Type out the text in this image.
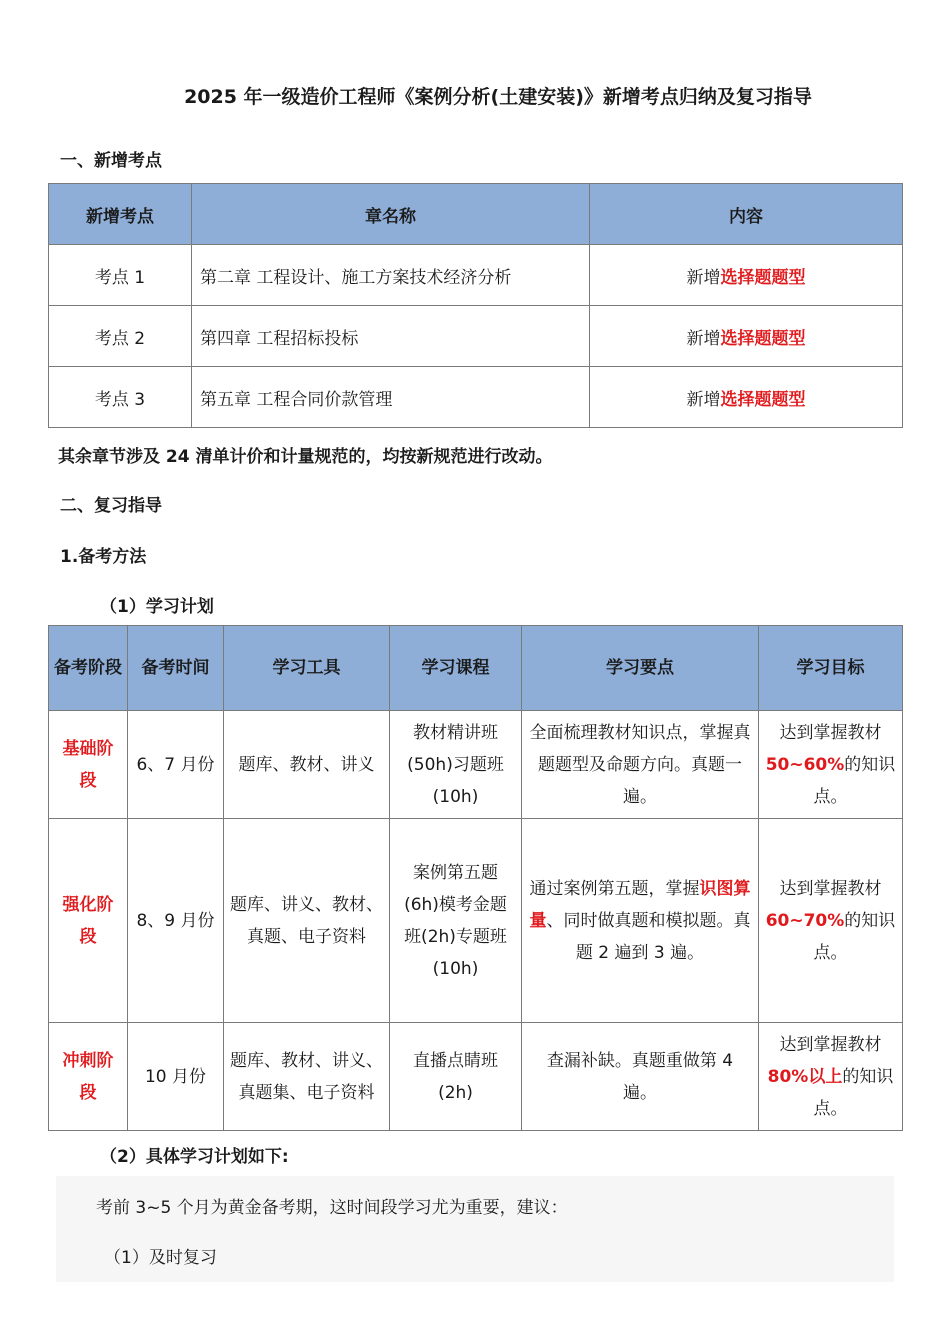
2025 年一级造价工程师《案例分析(土建安装)》新增考点归纳及复习指导
一、新增考点
新增考点	章名称	内容
考点 1	第二章 工程设计、施工方案技术经济分析	新增选择题题型
考点 2	第四章 工程招标投标	新增选择题题型
考点 3	第五章 工程合同价款管理	新增选择题题型
其余章节涉及 24 清单计价和计量规范的，均按新规范进行改动。
二、复习指导
1.备考方法
（1）学习计划
备考阶段	备考时间	学习工具	学习课程	学习要点	学习目标
基础阶段	6、7 月份	题库、教材、讲义	教材精讲班(50h)习题班 (10h)	全面梳理教材知识点，掌握真题题型及命题方向。真题一遍。	达到掌握教材50~60%的知识点。
强化阶段	8、9 月份	题库、讲义、教材、真题、电子资料	案例第五题(6h)模考金题班(2h)专题班(10h)	通过案例第五题，掌握识图算量、同时做真题和模拟题。真题 2 遍到 3 遍。	达到掌握教材60~70%的知识点。
冲刺阶段	10 月份	题库、教材、讲义、真题集、电子资料	直播点睛班(2h)	查漏补缺。真题重做第 4 遍。	达到掌握教材80%以上的知识点。
（2）具体学习计划如下:

考前 3~5 个月为黄金备考期，这时间段学习尤为重要，建议：

（1）及时复习
